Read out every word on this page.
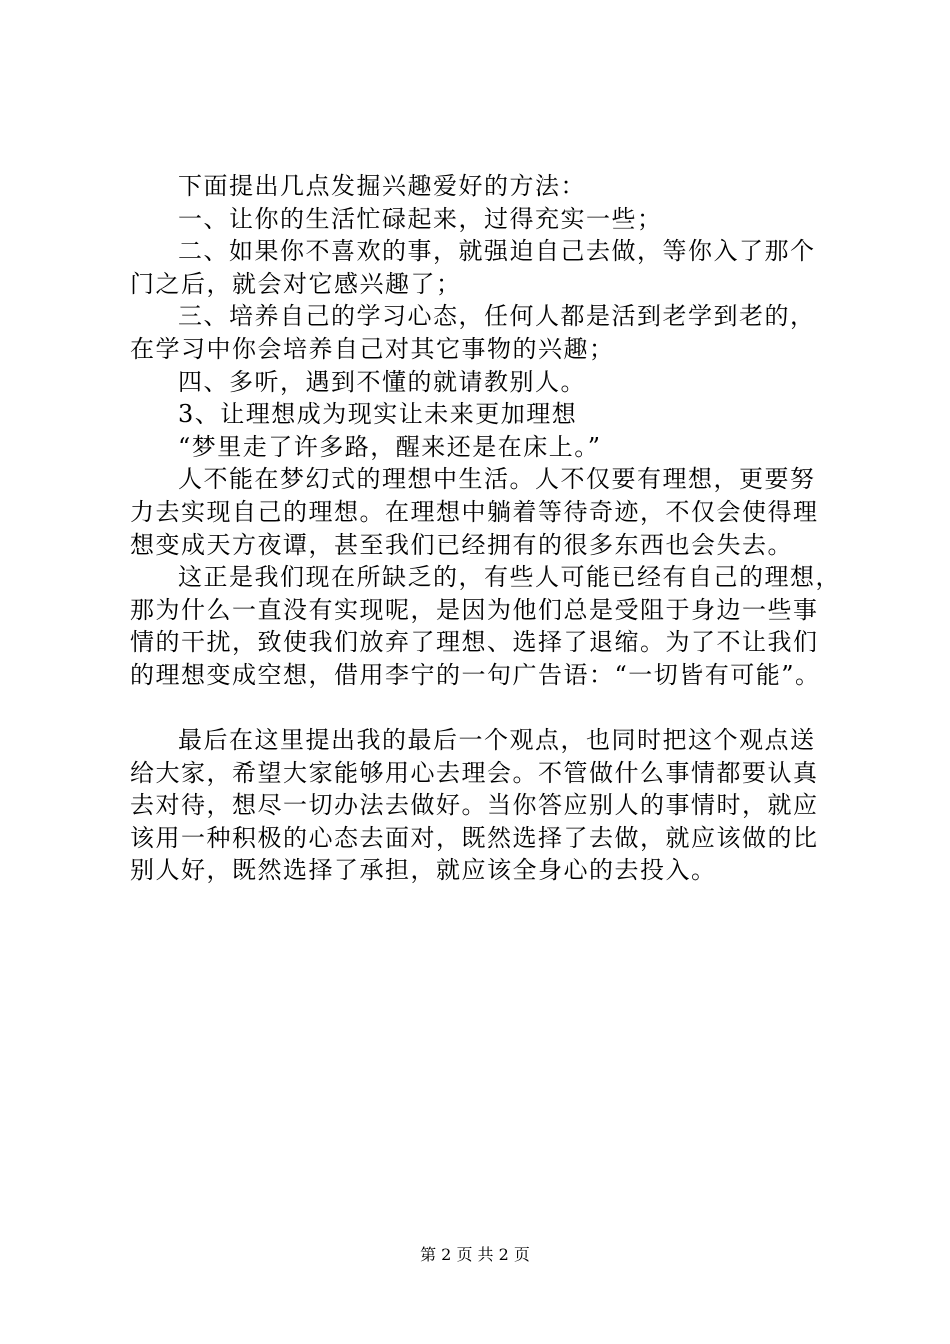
下面提出几点发掘兴趣爱好的方法：
一、让你的生活忙碌起来，过得充实一些；
二、如果你不喜欢的事，就强迫自己去做，等你入了那个
门之后，就会对它感兴趣了；
三、培养自己的学习心态，任何人都是活到老学到老的，
在学习中你会培养自己对其它事物的兴趣；
四、多听，遇到不懂的就请教别人。
3、让理想成为现实让未来更加理想
“梦里走了许多路，醒来还是在床上。”
人不能在梦幻式的理想中生活。人不仅要有理想，更要努
力去实现自己的理想。在理想中躺着等待奇迹，不仅会使得理
想变成天方夜谭，甚至我们已经拥有的很多东西也会失去。
这正是我们现在所缺乏的，有些人可能已经有自己的理想，
那为什么一直没有实现呢，是因为他们总是受阻于身边一些事
情的干扰，致使我们放弃了理想、选择了退缩。为了不让我们
的理想变成空想，借用李宁的一句广告语：“一切皆有可能”。
最后在这里提出我的最后一个观点，也同时把这个观点送
给大家，希望大家能够用心去理会。不管做什么事情都要认真
去对待，想尽一切办法去做好。当你答应别人的事情时，就应
该用一种积极的心态去面对，既然选择了去做，就应该做的比
别人好，既然选择了承担，就应该全身心的去投入。
第 2 页 共 2 页
